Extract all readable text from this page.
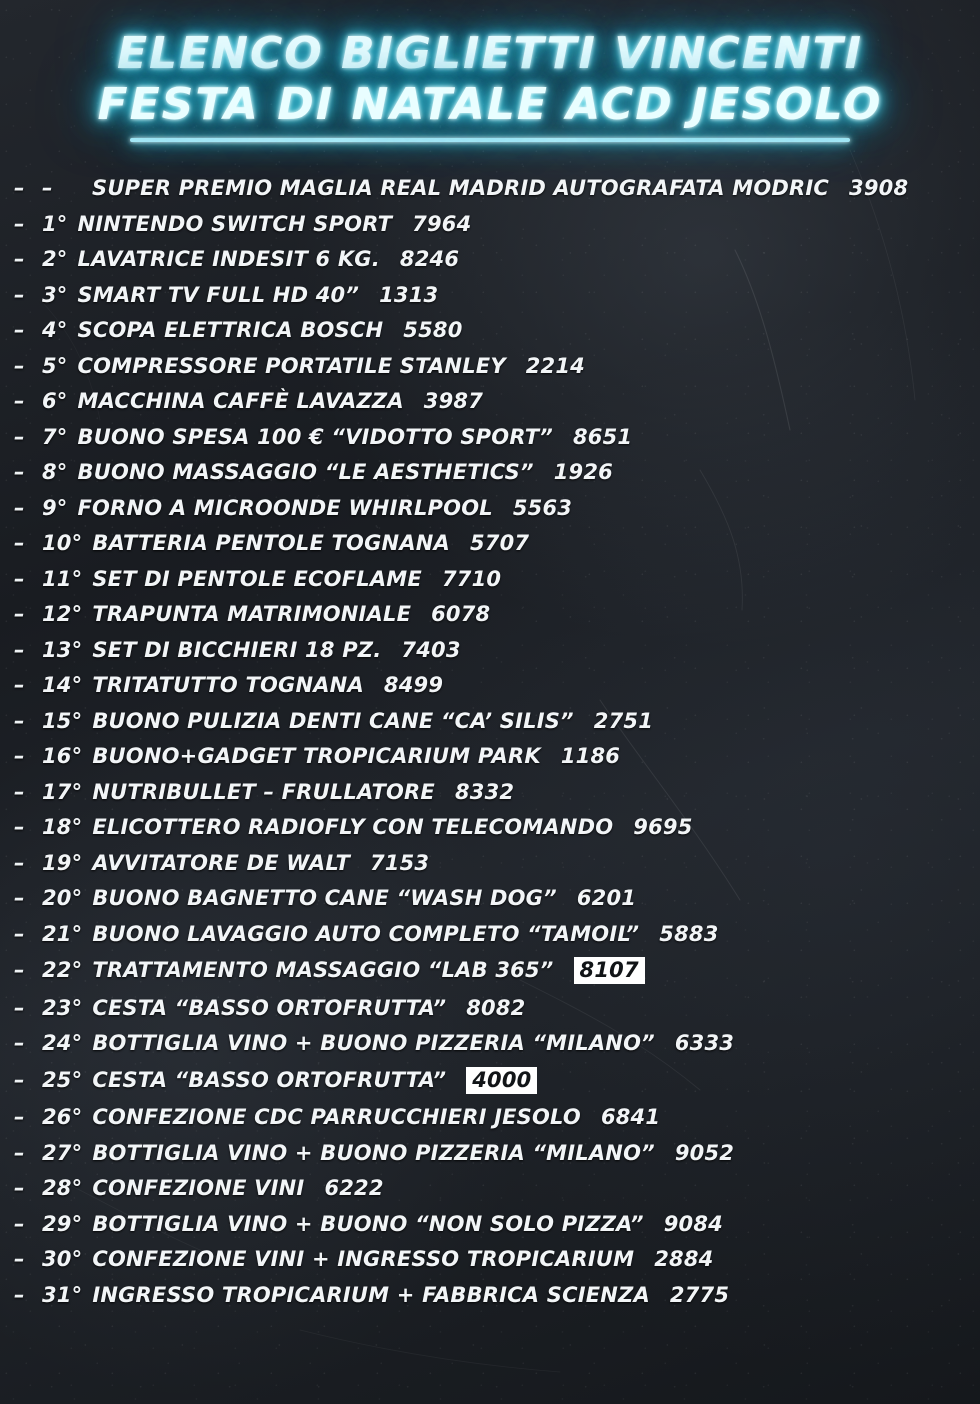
ELENCO BIGLIETTI VINCENTI
FESTA DI NATALE ACD JESOLO
– –	SUPER PREMIO MAGLIA REAL MADRID AUTOGRAFATA MODRIC 3908
– 1° NINTENDO SWITCH SPORT 7964
– 2° LAVATRICE INDESIT 6 KG. 8246
– 3° SMART TV FULL HD 40” 1313
– 4° SCOPA ELETTRICA BOSCH 5580
– 5° COMPRESSORE PORTATILE STANLEY 2214
– 6° MACCHINA CAFFÈ LAVAZZA 3987
– 7° BUONO SPESA 100 € “VIDOTTO SPORT” 8651
– 8° BUONO MASSAGGIO “LE AESTHETICS” 1926
– 9° FORNO A MICROONDE WHIRLPOOL 5563
– 10° BATTERIA PENTOLE TOGNANA 5707
– 11° SET DI PENTOLE ECOFLAME 7710
– 12° TRAPUNTA MATRIMONIALE 6078
– 13° SET DI BICCHIERI 18 PZ. 7403
– 14° TRITATUTTO TOGNANA 8499
– 15° BUONO PULIZIA DENTI CANE “CA’ SILIS” 2751
– 16° BUONO+GADGET TROPICARIUM PARK 1186
– 17° NUTRIBULLET – FRULLATORE 8332
– 18° ELICOTTERO RADIOFLY CON TELECOMANDO 9695
– 19° AVVITATORE DE WALT 7153
– 20° BUONO BAGNETTO CANE “WASH DOG” 6201
– 21° BUONO LAVAGGIO AUTO COMPLETO “TAMOIL” 5883
– 22° TRATTAMENTO MASSAGGIO “LAB 365” 8107
– 23° CESTA “BASSO ORTOFRUTTA” 8082
– 24° BOTTIGLIA VINO + BUONO PIZZERIA “MILANO” 6333
– 25° CESTA “BASSO ORTOFRUTTA” 4000
– 26° CONFEZIONE CDC PARRUCCHIERI JESOLO 6841
– 27° BOTTIGLIA VINO + BUONO PIZZERIA “MILANO” 9052
– 28° CONFEZIONE VINI 6222
– 29° BOTTIGLIA VINO + BUONO “NON SOLO PIZZA” 9084
– 30° CONFEZIONE VINI + INGRESSO TROPICARIUM 2884
– 31° INGRESSO TROPICARIUM + FABBRICA SCIENZA 2775
